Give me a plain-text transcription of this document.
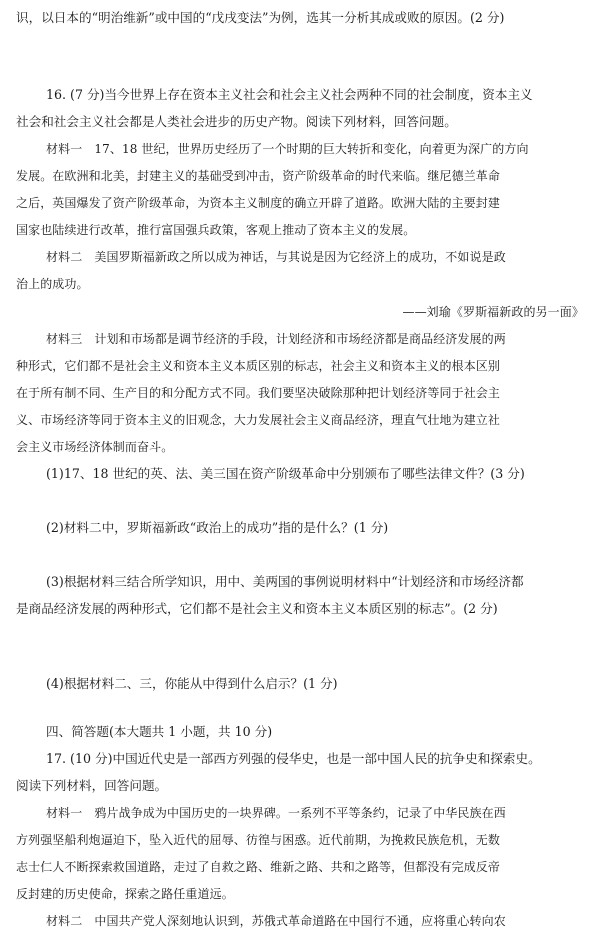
识，以日本的“明治维新”或中国的“戊戌变法”为例，选其一分析其成或败的原因。(2 分)
16. (7 分)当今世界上存在资本主义社会和社会主义社会两种不同的社会制度，资本主义
社会和社会主义社会都是人类社会进步的历史产物。阅读下列材料，回答问题。
材料一　17、18 世纪，世界历史经历了一个时期的巨大转折和变化，向着更为深广的方向
发展。在欧洲和北美，封建主义的基础受到冲击，资产阶级革命的时代来临。继尼德兰革命
之后，英国爆发了资产阶级革命，为资本主义制度的确立开辟了道路。欧洲大陆的主要封建
国家也陆续进行改革，推行富国强兵政策，客观上推动了资本主义的发展。
材料二　美国罗斯福新政之所以成为神话，与其说是因为它经济上的成功，不如说是政
治上的成功。
——刘瑜《罗斯福新政的另一面》
材料三　计划和市场都是调节经济的手段，计划经济和市场经济都是商品经济发展的两
种形式，它们都不是社会主义和资本主义本质区别的标志，社会主义和资本主义的根本区别
在于所有制不同、生产目的和分配方式不同。我们要坚决破除那种把计划经济等同于社会主
义、市场经济等同于资本主义的旧观念，大力发展社会主义商品经济，理直气壮地为建立社
会主义市场经济体制而奋斗。
(1)17、18 世纪的英、法、美三国在资产阶级革命中分别颁布了哪些法律文件？(3 分)
(2)材料二中，罗斯福新政“政治上的成功”指的是什么？(1 分)
(3)根据材料三结合所学知识，用中、美两国的事例说明材料中“计划经济和市场经济都
是商品经济发展的两种形式，它们都不是社会主义和资本主义本质区别的标志”。(2 分)
(4)根据材料二、三，你能从中得到什么启示？(1 分)
四、简答题(本大题共 1 小题，共 10 分)
17. (10 分)中国近代史是一部西方列强的侵华史，也是一部中国人民的抗争史和探索史。
阅读下列材料，回答问题。
材料一　鸦片战争成为中国历史的一块界碑。一系列不平等条约，记录了中华民族在西
方列强坚船利炮逼迫下，坠入近代的屈辱、彷徨与困惑。近代前期，为挽救民族危机，无数
志士仁人不断探索救国道路，走过了自救之路、维新之路、共和之路等，但都没有完成反帝
反封建的历史使命，探索之路任重道远。
材料二　中国共产党人深刻地认识到，苏俄式革命道路在中国行不通，应将重心转向农
